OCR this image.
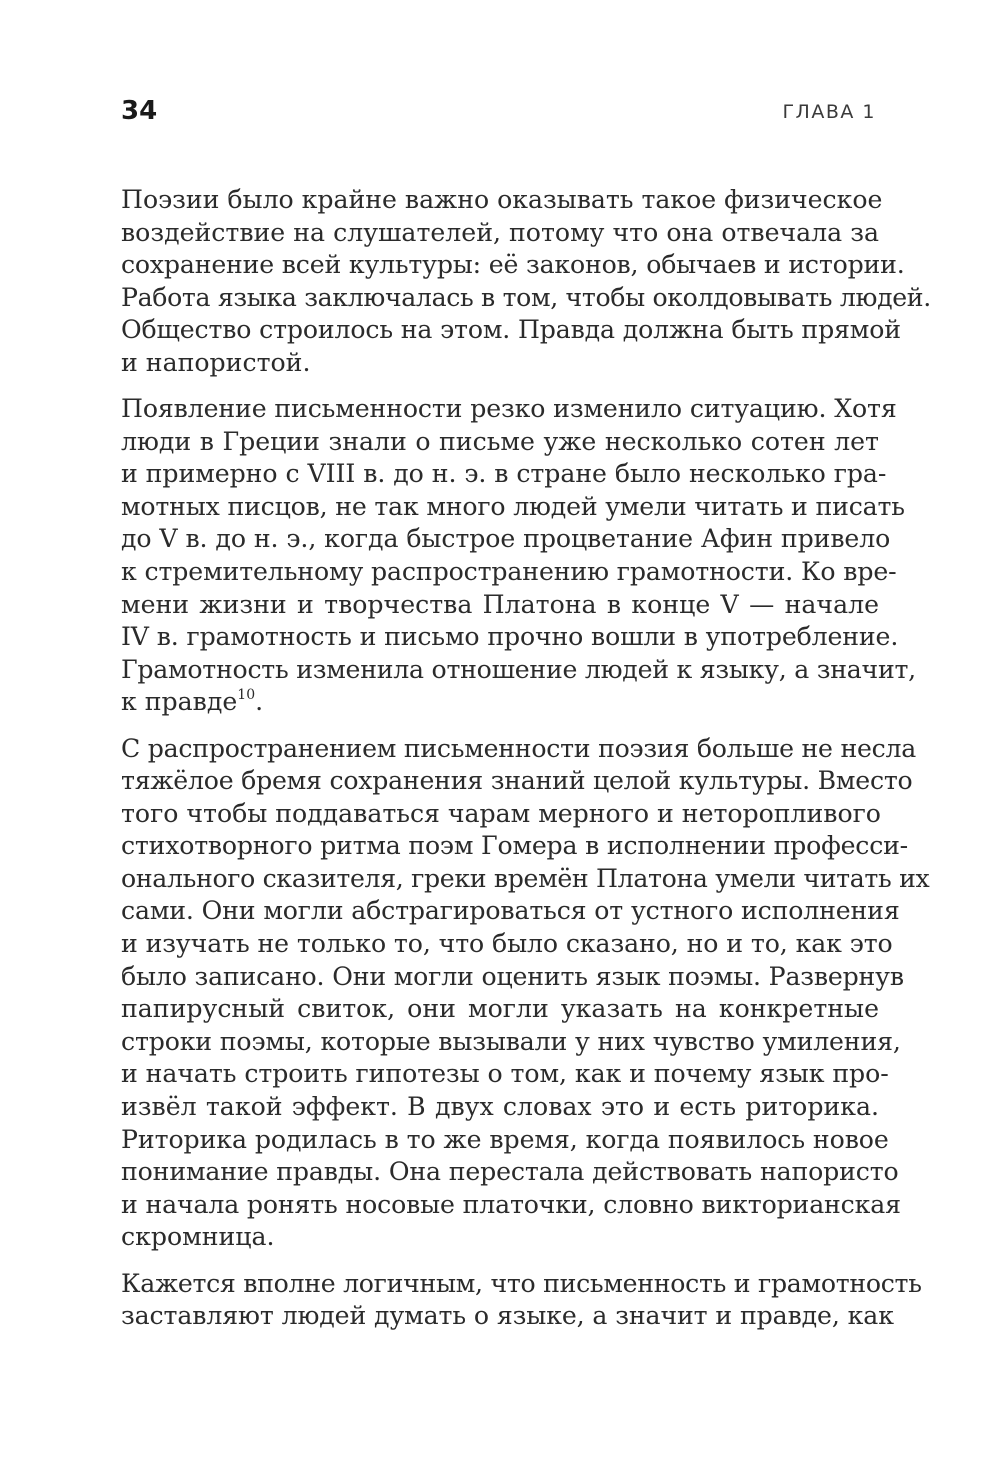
34	ГЛАВА 1
Поэзии было крайне важно оказывать такое физическое
воздействие на слушателей, потому что она отвечала за
сохранение всей культуры: её законов, обычаев и истории.
Работа языка заключалась в том, чтобы околдовывать людей.
Общество строилось на этом. Правда должна быть прямой
и напористой.
Появление письменности резко изменило ситуацию. Хотя
люди в Греции знали о письме уже несколько сотен лет
и примерно с VIII в. до н. э. в стране было несколько гра-
мотных писцов, не так много людей умели читать и писать
до V в. до н. э., когда быстрое процветание Афин привело
к стремительному распространению грамотности. Ко вре-
мени жизни и творчества Платона в конце V — начале
IV в. грамотность и письмо прочно вошли в употребление.
Грамотность изменила отношение людей к языку, а значит,
к правде$^{10}$.
С распространением письменности поэзия больше не несла
тяжёлое бремя сохранения знаний целой культуры. Вместо
того чтобы поддаваться чарам мерного и неторопливого
стихотворного ритма поэм Гомера в исполнении професси-
онального сказителя, греки времён Платона умели читать их
сами. Они могли абстрагироваться от устного исполнения
и изучать не только то, что было сказано, но и то, как это
было записано. Они могли оценить язык поэмы. Развернув
папирусный свиток, они могли указать на конкретные
строки поэмы, которые вызывали у них чувство умиления,
и начать строить гипотезы о том, как и почему язык про-
извёл такой эффект. В двух словах это и есть риторика.
Риторика родилась в то же время, когда появилось новое
понимание правды. Она перестала действовать напористо
и начала ронять носовые платочки, словно викторианская
скромница.
Кажется вполне логичным, что письменность и грамотность
заставляют людей думать о языке, а значит и правде, как
